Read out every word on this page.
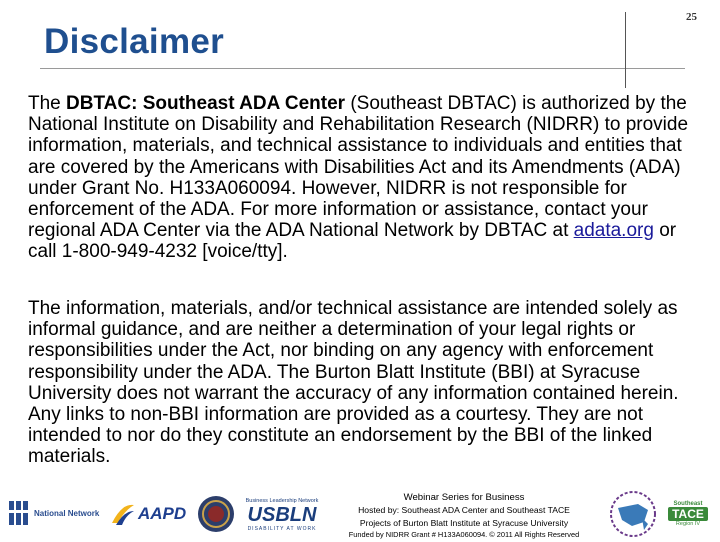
25
Disclaimer

The DBTAC: Southeast ADA Center (Southeast DBTAC) is authorized by the National Institute on Disability and Rehabilitation Research (NIDRR) to provide information, materials, and technical assistance to individuals and entities that are covered by the Americans with Disabilities Act and its Amendments (ADA) under Grant No. H133A060094. However, NIDRR is not responsible for enforcement of the ADA. For more information or assistance, contact your regional ADA Center via the ADA National Network by DBTAC at adata.org or call 1-800-949-4232 [voice/tty].

The information, materials, and/or technical assistance are intended solely as informal guidance, and are neither a determination of your legal rights or responsibilities under the Act, nor binding on any agency with enforcement responsibility under the ADA. The Burton Blatt Institute (BBI) at Syracuse University does not warrant the accuracy of any information contained herein. Any links to non-BBI information are provided as a courtesy. They are not intended to nor do they constitute an endorsement by the BBI of the linked materials.

National Network AAPD
Business Leadership Network
USBLN
DISABILITY AT WORK
Southeast
TACE
Region IV
Webinar Series for Business
Hosted by: Southeast ADA Center and Southeast TACE
Projects of Burton Blatt Institute at Syracuse University
Funded by NIDRR Grant # H133A060094. © 2011 All Rights Reserved
